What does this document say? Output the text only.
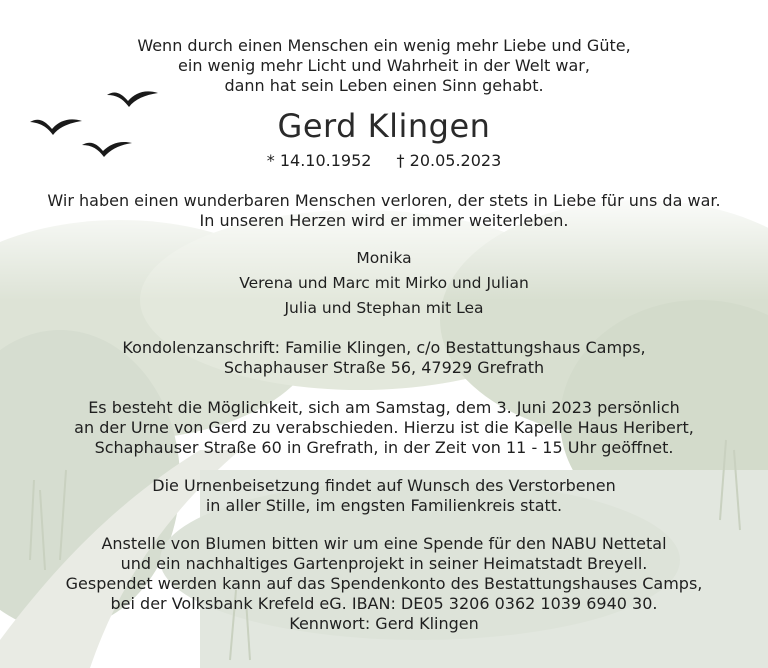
Wenn durch einen Menschen ein wenig mehr Liebe und Güte,
ein wenig mehr Licht und Wahrheit in der Welt war,
dann hat sein Leben einen Sinn gehabt.
Gerd Klingen
* 14.10.1952 † 20.05.2023
Wir haben einen wunderbaren Menschen verloren, der stets in Liebe für uns da war.
In unseren Herzen wird er immer weiterleben.
Monika
Verena und Marc mit Mirko und Julian
Julia und Stephan mit Lea
Kondolenzanschrift: Familie Klingen, c/o Bestattungshaus Camps,
Schaphauser Straße 56, 47929 Grefrath
Es besteht die Möglichkeit, sich am Samstag, dem 3. Juni 2023 persönlich
an der Urne von Gerd zu verabschieden. Hierzu ist die Kapelle Haus Heribert,
Schaphauser Straße 60 in Grefrath, in der Zeit von 11 - 15 Uhr geöffnet.
Die Urnenbeisetzung findet auf Wunsch des Verstorbenen
in aller Stille, im engsten Familienkreis statt.
Anstelle von Blumen bitten wir um eine Spende für den NABU Nettetal
und ein nachhaltiges Gartenprojekt in seiner Heimatstadt Breyell.
Gespendet werden kann auf das Spendenkonto des Bestattungshauses Camps,
bei der Volksbank Krefeld eG. IBAN: DE05 3206 0362 1039 6940 30.
Kennwort: Gerd Klingen
